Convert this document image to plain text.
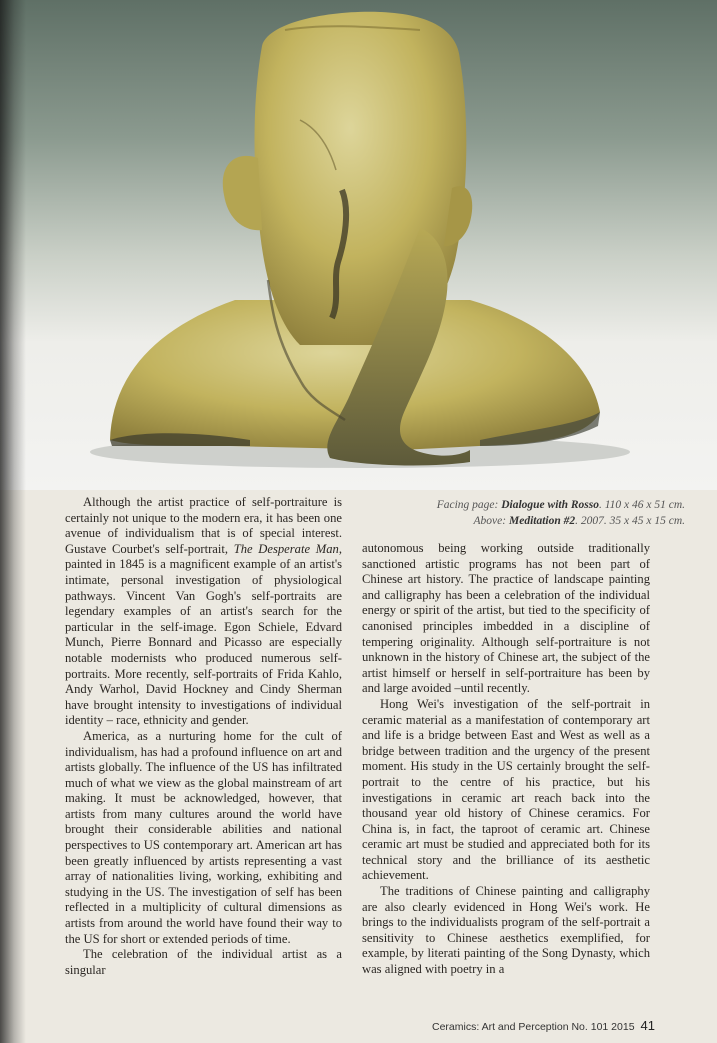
Facing page: Dialogue with Rosso. 110 x 46 x 51 cm.
Above: Meditation #2. 2007. 35 x 45 x 15 cm.

Although the artist practice of self-portraiture is certainly not unique to the modern era, it has been one avenue of individualism that is of special interest. Gustave Courbet's self-portrait, The Desperate Man, painted in 1845 is a magnificent example of an artist's intimate, personal investigation of physiological pathways. Vincent Van Gogh's self-portraits are legendary examples of an artist's search for the particular in the self-image. Egon Schiele, Edvard Munch, Pierre Bonnard and Picasso are especially notable modernists who produced numerous self-portraits. More recently, self-portraits of Frida Kahlo, Andy Warhol, David Hockney and Cindy Sherman have brought intensity to investigations of individual identity – race, ethnicity and gender.

America, as a nurturing home for the cult of individualism, has had a profound influence on art and artists globally. The influence of the US has infiltrated much of what we view as the global mainstream of art making. It must be acknowledged, however, that artists from many cultures around the world have brought their considerable abilities and national perspectives to US contemporary art. American art has been greatly influenced by artists representing a vast array of nationalities living, working, exhibiting and studying in the US. The investigation of self has been reflected in a multiplicity of cultural dimensions as artists from around the world have found their way to the US for short or extended periods of time.

The celebration of the individual artist as a singular

autonomous being working outside traditionally sanctioned artistic programs has not been part of Chinese art history. The practice of landscape painting and calligraphy has been a celebration of the individual energy or spirit of the artist, but tied to the specificity of canonised principles imbedded in a discipline of tempering originality. Although self-portraiture is not unknown in the history of Chinese art, the subject of the artist himself or herself in self-portraiture has been by and large avoided –until recently.

Hong Wei's investigation of the self-portrait in ceramic material as a manifestation of contemporary art and life is a bridge between East and West as well as a bridge between tradition and the urgency of the present moment. His study in the US certainly brought the self-portrait to the centre of his practice, but his investigations in ceramic art reach back into the thousand year old history of Chinese ceramics. For China is, in fact, the taproot of ceramic art. Chinese ceramic art must be studied and appreciated both for its technical story and the brilliance of its aesthetic achievement.

The traditions of Chinese painting and calligraphy are also clearly evidenced in Hong Wei's work. He brings to the individualists program of the self-portrait a sensitivity to Chinese aesthetics exemplified, for example, by literati painting of the Song Dynasty, which was aligned with poetry in a

Ceramics: Art and Perception No. 101 2015 41
